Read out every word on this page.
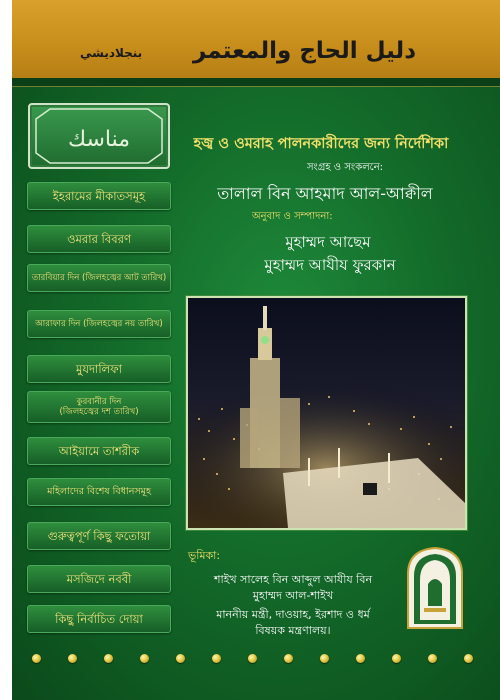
دليل الحاج والمعتمر
بنجلاديشي
مناسك
ইহরামের মীকাতসমূহ
ওমরার বিবরণ
তারবিয়ার দিন (জিলহজ্বের আট তারিখ)
আরাফার দিন (জিলহজ্বের নয় তারিখ)
মুযদালিফা
কুরবানীর দিন
(জিলহজ্বের দশ তারিখ)
আইয়ামে তাশরীক
মহিলাদের বিশেষ বিধানসমূহ
গুরুত্বপূর্ণ কিছু ফতোয়া
মসজিদে নববী
কিছু নির্বাচিত দোয়া
হজ্ব ও ওমরাহ পালনকারীদের জন্য নির্দেশিকা
সংগ্রহ ও সংকলনে:
তালাল বিন আহমাদ আল-আক্বীল
অনুবাদ ও সম্পাদনা:
মুহাম্মদ আছেম
মুহাম্মদ আযীয ফুরকান
ভূমিকা:
শাইখ সালেহ বিন আব্দুল আযীয বিন
মুহাম্মদ আল-শাইখ
মাননীয় মন্ত্রী, দাওয়াহ, ইরশাদ ও ধর্ম
বিষয়ক মন্ত্রণালয়।
